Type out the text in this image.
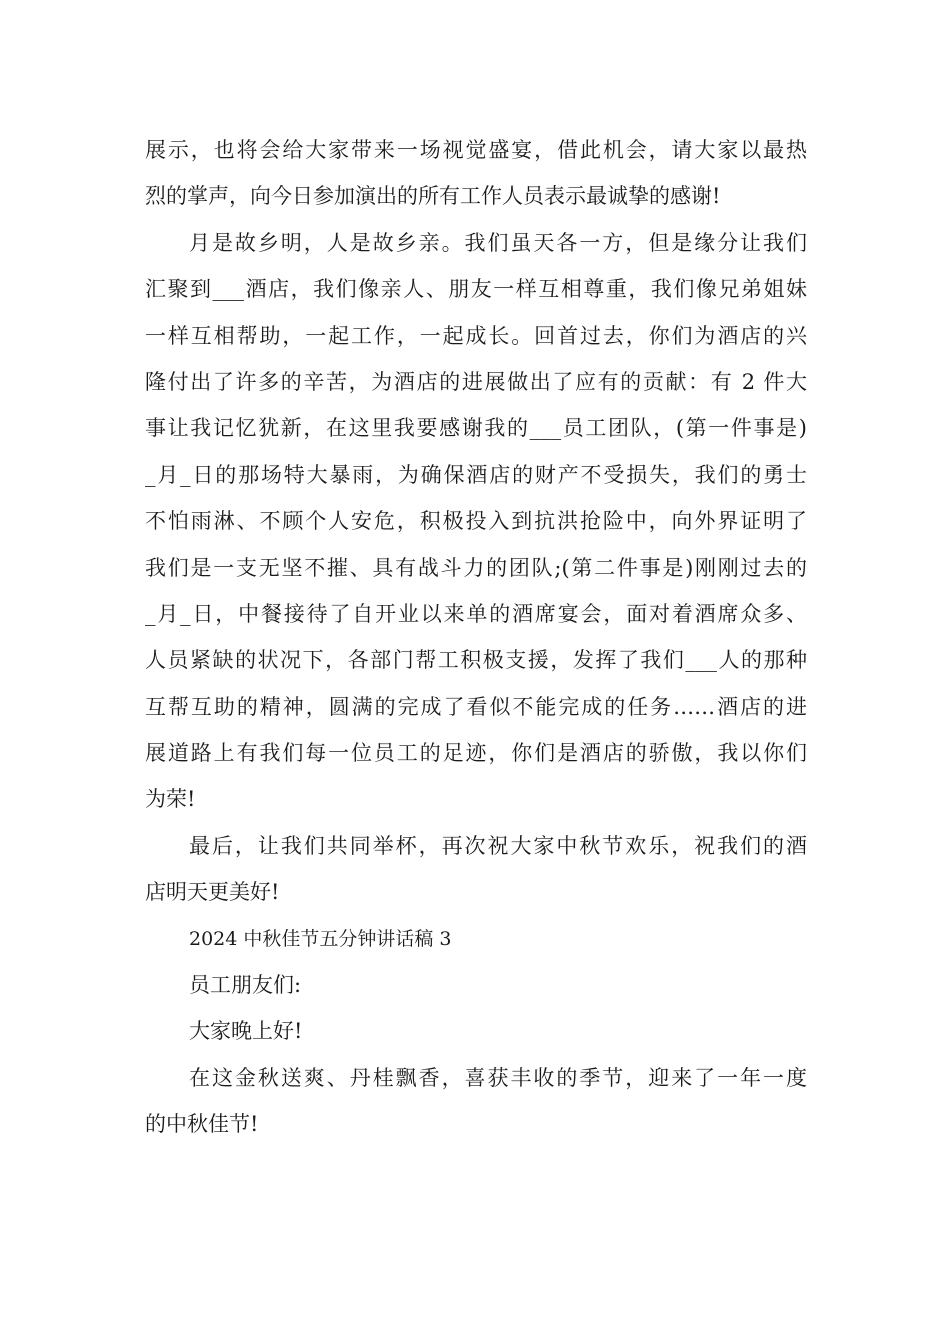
展示，也将会给大家带来一场视觉盛宴，借此机会，请大家以最热
烈的掌声，向今日参加演出的所有工作人员表示最诚挚的感谢!
月是故乡明，人是故乡亲。我们虽天各一方，但是缘分让我们
汇聚到___酒店，我们像亲人、朋友一样互相尊重，我们像兄弟姐妹
一样互相帮助，一起工作，一起成长。回首过去，你们为酒店的兴
隆付出了许多的辛苦，为酒店的进展做出了应有的贡献：有 2 件大
事让我记忆犹新，在这里我要感谢我的___员工团队，(第一件事是)
_月_日的那场特大暴雨，为确保酒店的财产不受损失，我们的勇士
不怕雨淋、不顾个人安危，积极投入到抗洪抢险中，向外界证明了
我们是一支无坚不摧、具有战斗力的团队;(第二件事是)刚刚过去的
_月_日，中餐接待了自开业以来单的酒席宴会，面对着酒席众多、
人员紧缺的状况下，各部门帮工积极支援，发挥了我们___人的那种
互帮互助的精神，圆满的完成了看似不能完成的任务……酒店的进
展道路上有我们每一位员工的足迹，你们是酒店的骄傲，我以你们
为荣!
最后，让我们共同举杯，再次祝大家中秋节欢乐，祝我们的酒
店明天更美好!
2024 中秋佳节五分钟讲话稿 3
员工朋友们:
大家晚上好!
在这金秋送爽、丹桂飘香，喜获丰收的季节，迎来了一年一度
的中秋佳节!
